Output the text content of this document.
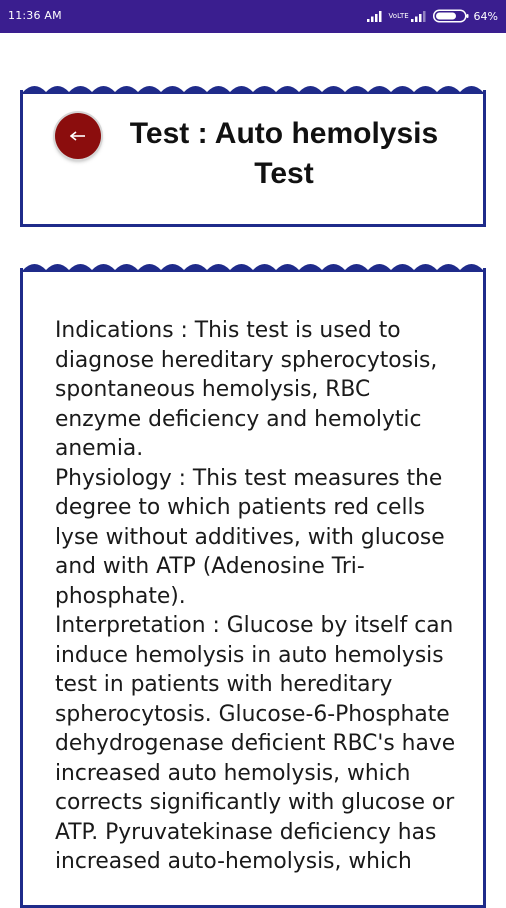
11:36 AM	VoLTE	64%
Test : Auto hemolysis Test
Indications : This test is used to diagnose hereditary spherocytosis, spontaneous hemolysis, RBC enzyme deficiency and hemolytic anemia.
Physiology : This test measures the degree to which patients red cells lyse without additives, with glucose and with ATP (Adenosine Tri-phosphate).
Interpretation : Glucose by itself can induce hemolysis in auto hemolysis test in patients with hereditary spherocytosis. Glucose-6-Phosphate dehydrogenase deficient RBC's have increased auto hemolysis, which corrects significantly with glucose or ATP. Pyruvatekinase deficiency has increased auto-hemolysis, which
